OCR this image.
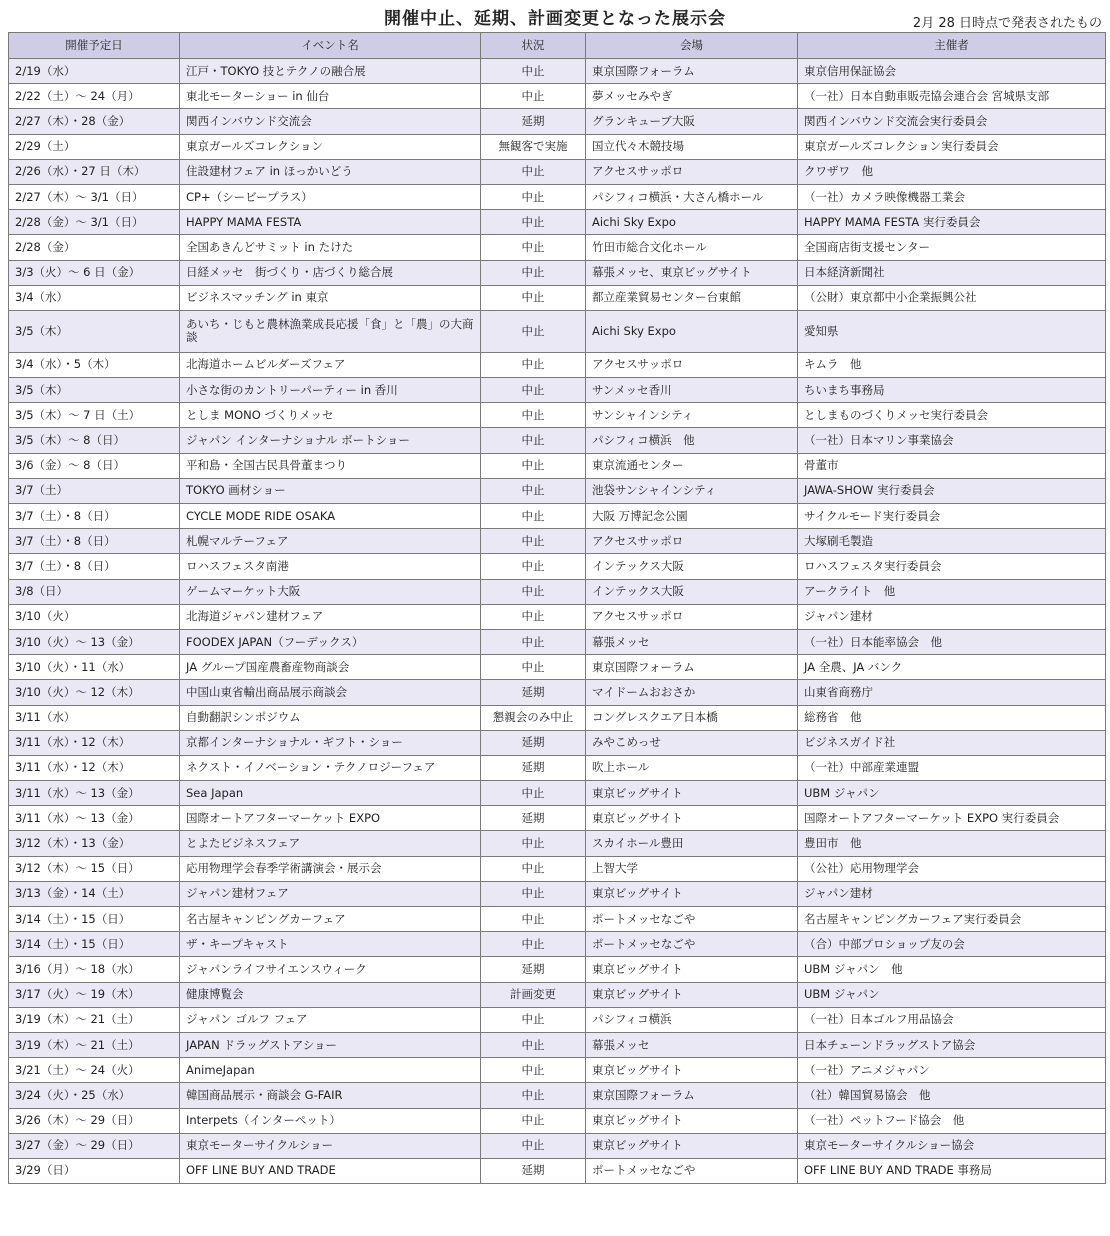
開催中止、延期、計画変更となった展示会	2月 28 日時点で発表されたもの
開催予定日	イベント名	状況	会場	主催者
2/19（水）	江戸・TOKYO 技とテクノの融合展	中止	東京国際フォーラム	東京信用保証協会
2/22（土）～ 24（月）	東北モーターショー in 仙台	中止	夢メッセみやぎ	（一社）日本自動車販売協会連合会 宮城県支部
2/27（木）・28（金）	関西インバウンド交流会	延期	グランキューブ大阪	関西インバウンド交流会実行委員会
2/29（土）	東京ガールズコレクション	無観客で実施	国立代々木競技場	東京ガールズコレクション実行委員会
2/26（水）・27 日（木）	住設建材フェア in ほっかいどう	中止	アクセスサッポロ	クワザワ　他
2/27（木）～ 3/1（日）	CP+（シービープラス）	中止	パシフィコ横浜・大さん橋ホール	（一社）カメラ映像機器工業会
2/28（金）～ 3/1（日）	HAPPY MAMA FESTA	中止	Aichi Sky Expo	HAPPY MAMA FESTA 実行委員会
2/28（金）	全国あきんどサミット in たけた	中止	竹田市総合文化ホール	全国商店街支援センター
3/3（火）～ 6 日（金）	日経メッセ　街づくり・店づくり総合展	中止	幕張メッセ、東京ビッグサイト	日本経済新聞社
3/4（水）	ビジネスマッチング in 東京	中止	都立産業貿易センター台東館	（公財）東京都中小企業振興公社
3/5（木）	あいち・じもと農林漁業成長応援「食」と「農」の大商談	中止	Aichi Sky Expo	愛知県
3/4（水）・5（木）	北海道ホームビルダーズフェア	中止	アクセスサッポロ	キムラ　他
3/5（木）	小さな街のカントリーパーティー in 香川	中止	サンメッセ香川	ちいまち事務局
3/5（木）～ 7 日（土）	としま MONO づくりメッセ	中止	サンシャインシティ	としまものづくりメッセ実行委員会
3/5（木）～ 8（日）	ジャパン インターナショナル ボートショー	中止	パシフィコ横浜　他	（一社）日本マリン事業協会
3/6（金）～ 8（日）	平和島・全国古民具骨董まつり	中止	東京流通センター	骨董市
3/7（土）	TOKYO 画材ショー	中止	池袋サンシャインシティ	JAWA-SHOW 実行委員会
3/7（土）・8（日）	CYCLE MODE RIDE OSAKA	中止	大阪 万博記念公園	サイクルモード実行委員会
3/7（土）・8（日）	札幌マルテーフェア	中止	アクセスサッポロ	大塚刷毛製造
3/7（土）・8（日）	ロハスフェスタ南港	中止	インテックス大阪	ロハスフェスタ実行委員会
3/8（日）	ゲームマーケット大阪	中止	インテックス大阪	アークライト　他
3/10（火）	北海道ジャパン建材フェア	中止	アクセスサッポロ	ジャパン建材
3/10（火）～ 13（金）	FOODEX JAPAN（フーデックス）	中止	幕張メッセ	（一社）日本能率協会　他
3/10（火）・11（水）	JA グループ国産農畜産物商談会	中止	東京国際フォーラム	JA 全農、JA バンク
3/10（火）～ 12（木）	中国山東省輸出商品展示商談会	延期	マイドームおおさか	山東省商務庁
3/11（水）	自動翻訳シンポジウム	懇親会のみ中止	コングレスクエア日本橋	総務省　他
3/11（水）・12（木）	京都インターナショナル・ギフト・ショー	延期	みやこめっせ	ビジネスガイド社
3/11（水）・12（木）	ネクスト・イノベーション・テクノロジーフェア	延期	吹上ホール	（一社）中部産業連盟
3/11（水）～ 13（金）	Sea Japan	中止	東京ビッグサイト	UBM ジャパン
3/11（水）～ 13（金）	国際オートアフターマーケット EXPO	延期	東京ビッグサイト	国際オートアフターマーケット EXPO 実行委員会
3/12（木）・13（金）	とよたビジネスフェア	中止	スカイホール豊田	豊田市　他
3/12（木）～ 15（日）	応用物理学会春季学術講演会・展示会	中止	上智大学	（公社）応用物理学会
3/13（金）・14（土）	ジャパン建材フェア	中止	東京ビッグサイト	ジャパン建材
3/14（土）・15（日）	名古屋キャンピングカーフェア	中止	ポートメッセなごや	名古屋キャンピングカーフェア実行委員会
3/14（土）・15（日）	ザ・キープキャスト	中止	ポートメッセなごや	（合）中部プロショップ友の会
3/16（月）～ 18（水）	ジャパンライフサイエンスウィーク	延期	東京ビッグサイト	UBM ジャパン　他
3/17（火）～ 19（木）	健康博覧会	計画変更	東京ビッグサイト	UBM ジャパン
3/19（木）～ 21（土）	ジャパン ゴルフ フェア	中止	パシフィコ横浜	（一社）日本ゴルフ用品協会
3/19（木）～ 21（土）	JAPAN ドラッグストアショー	中止	幕張メッセ	日本チェーンドラッグストア協会
3/21（土）～ 24（火）	AnimeJapan	中止	東京ビッグサイト	（一社）アニメジャパン
3/24（火）・25（水）	韓国商品展示・商談会 G-FAIR	中止	東京国際フォーラム	（社）韓国貿易協会　他
3/26（木）～ 29（日）	Interpets（インターペット）	中止	東京ビッグサイト	（一社）ペットフード協会　他
3/27（金）～ 29（日）	東京モーターサイクルショー	中止	東京ビッグサイト	東京モーターサイクルショー協会
3/29（日）	OFF LINE BUY AND TRADE	延期	ポートメッセなごや	OFF LINE BUY AND TRADE 事務局
